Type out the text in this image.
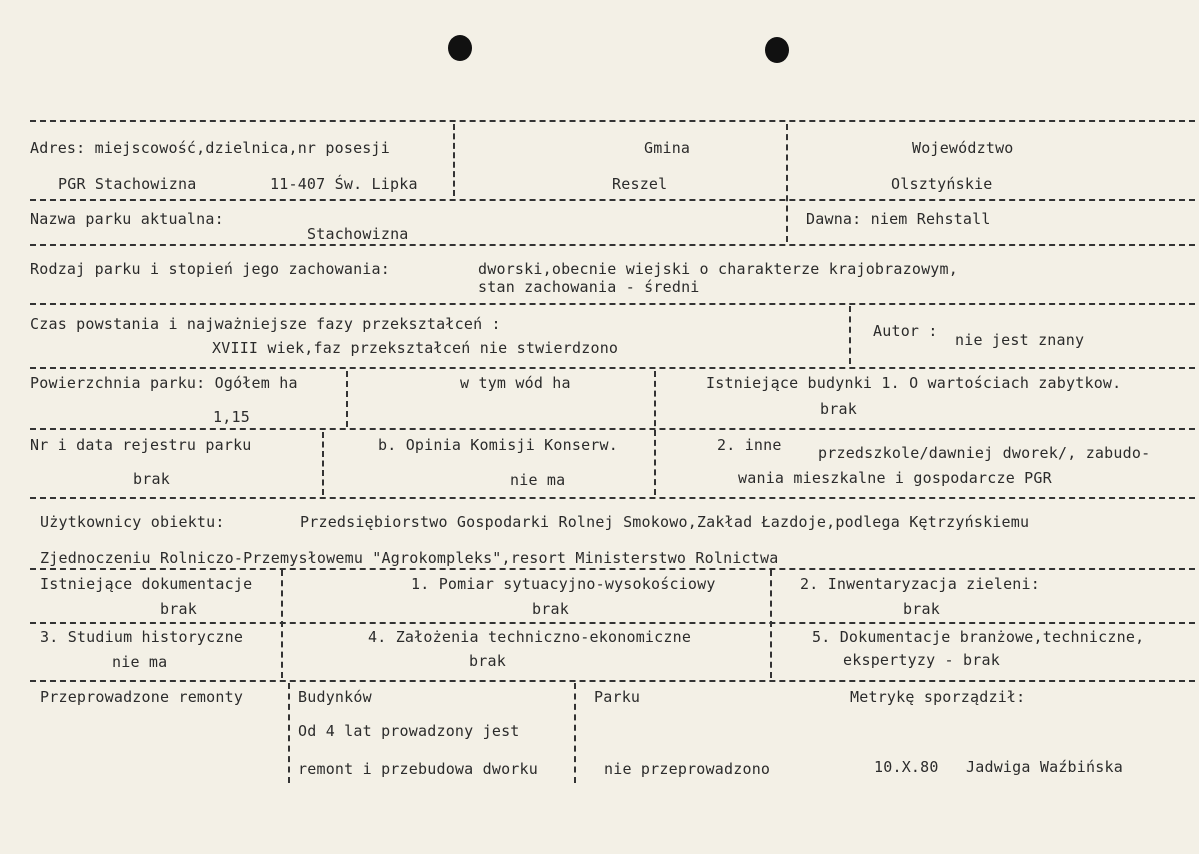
Adres: miejscowość,dzielnica,nr posesji
PGR Stachowizna	11-407 Św. Lipka
Gmina
Reszel
Województwo
Olsztyńskie
Nazwa parku aktualna:
Stachowizna
Dawna: niem Rehstall
Rodzaj parku i stopień jego zachowania:	dworski,obecnie wiejski o charakterze krajobrazowym,
stan zachowania - średni
Czas powstania i najważniejsze fazy przekształceń :
XVIII wiek,faz przekształceń nie stwierdzono
Autor : nie jest znany
Powierzchnia parku: Ogółem ha
1,15
w tym wód ha	Istniejące budynki 1. O wartościach zabytkow.
brak
Nr i data rejestru parku
brak
b. Opinia Komisji Konserw.
nie ma
2. inne przedszkole/dawniej dworek/, zabudo-
wania mieszkalne i gospodarcze PGR
Użytkownicy obiektu:	Przedsiębiorstwo Gospodarki Rolnej Smokowo,Zakład Łazdoje,podlega Kętrzyńskiemu
Zjednoczeniu Rolniczo-Przemysłowemu "Agrokompleks",resort Ministerstwo Rolnictwa
Istniejące dokumentacje
brak
1. Pomiar sytuacyjno-wysokościowy
brak
2. Inwentaryzacja zieleni:
brak
3. Studium historyczne
nie ma
4. Założenia techniczno-ekonomiczne
brak
5. Dokumentacje branżowe,techniczne,
ekspertyzy - brak
Przeprowadzone remonty	Budynków
Od 4 lat prowadzony jest
remont i przebudowa dworku
Parku
nie przeprowadzono
Metrykę sporządził:
10.X.80 Jadwiga Waźbińska
